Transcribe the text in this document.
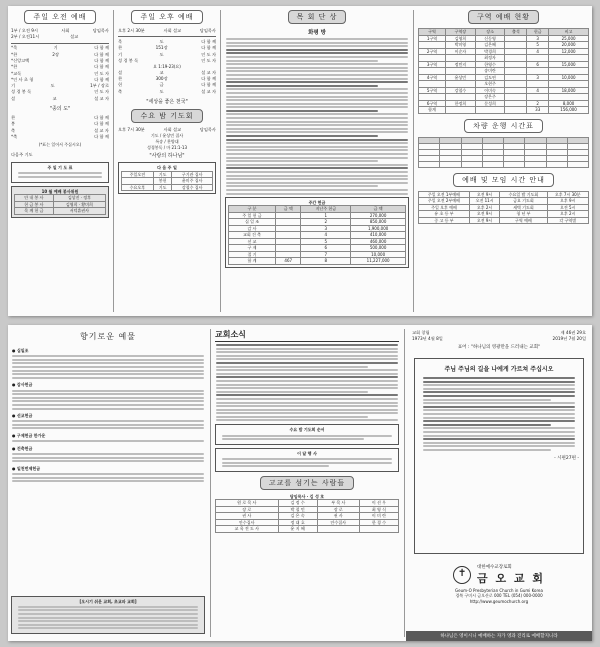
주일 오전 예배
1부 / 오전 9시	사회	담임목사
2부 / 오전11시	설교
*묵	기	다 함 께
*찬	2장	다 함 께
*신앙고백	다 함 께
*찬	다 함 께
*교독	인 도 자
*인 사 초 청	다 함 께
기	도	1부 / 장로
성 경 봉 독	인 도 자
설	교	설 교 자
"종의 도"
찬	다 함 께
봉	다 함 께
축	설 교 자
*축	다 함 께
(*표는 일어서 주십시오)
다음주 기도
주 일 기 도 표
10 월 예배 봉사위원
안 내 봉 사	김상진 · 정후
헌 금 봉 사	김영희 · 황미희
목 께 헌 금	서덕휴권사
주일 오후 예배
오후 2시 30분	사회 설교	담임목사
묵	도	다 함 께
찬	151장	다 함 께
기	도	인 도 자
성 경 봉 독	인 도 자
요 1:19-23(요)
설	교	설 교 자
찬	300장	다 함 께
헌	금	다 함 께
축	도	설 교 자
"세상을 좋은 천국"
수요 밤 기도회
오후 7시 30분	사회 설교	담임목사
기도 / 윤상민 집사
특송 / 찬양대
성경봉독 / 마 21:1-13
"사랑의 하나님"
다 음 주 일
주일오전	기도	구기관 집사
	봉헌	윤미주 집사
수요오후	기도	강철수 집사
목 회 단 상
화평 방
주간 헌금
구 분	금 액	지난주 헌금	금 액
주 일 헌 금		1	270,000
십 일 조		2	850,000
감 사		3	1,900,000
교회 건 축		4	410,000
선 교		5	460,000
구 제		6	500,000
절 기		7	10,000
합 계	467	8	11,227,000
구역 예배 현황
구역	구역장	장소	출석	헌금	비고
1구역	김영희	신동영		3	25,000
	박미영	김은혜		5	20,000
2구역	이순자	박경희		4	12,000
		최정자			
3구역	정민지	한영수		6	15,000
		송미란			
4구역	윤상민	김도연		3	10,000
		오현주			
5구역	강철수	이미숙		4	18,000
		장은주			
6구역	한정희	문성희		2	8,000
합계				33	156,000
차량 운행 시간표

예배 및 모임 시간 안내
주일 오전 1부예배	오전 9시	수요일 밤 기도회	오후 7시 30분
주일 오전 2부예배	오전 11시	금요 기도회	오후 9시
주일 오후 예배	오후 2시	새벽 기도회	오전 5시
유 초 등 부	오전 9시	청 년 부	오후 2시
중 고 등 부	오전 9시	구역 예배	각 구역별
향기로운 예물
● 십일조
● 감사헌금
● 선교헌금
● 구제헌금 한가운
● 건축헌금
● 일천번제헌금
[오시기 쉬운 교회, 초교파 교회]
교회소식
수요 밤 기도회 순서
이 달 행 사
고교를 섬기는 사람들
담임목사 · 김 성 호
원 로 목 사	김 정 수	부 목 사	이 선 우
장 로	박 철 민	장 로	최 영 식
권 사	김 은 숙	권 사	이 미 란
안수집사	정 대 호	안수집사	한 경 수
교 육 전 도 사	윤 지 혜		
교회 창립
1973년 4월 8일
제 46권 29호
2019년 7월 20일
표어 : "하나님의 영광만을 드러내는 교회"
주님 주님의 길을 나에게 가르쳐 주십시오
- 시편27편 -
✝
대한예수교장로회
금 오 교 회
Geum-O Presbyterian Church in Gumi Korea
경북 구미시 금오산로 000 TEL (054) 000-0000
http://www.geumochurch.org
하나님은 영이시니 예배하는 자가 영과 진리로 예배할지니라
